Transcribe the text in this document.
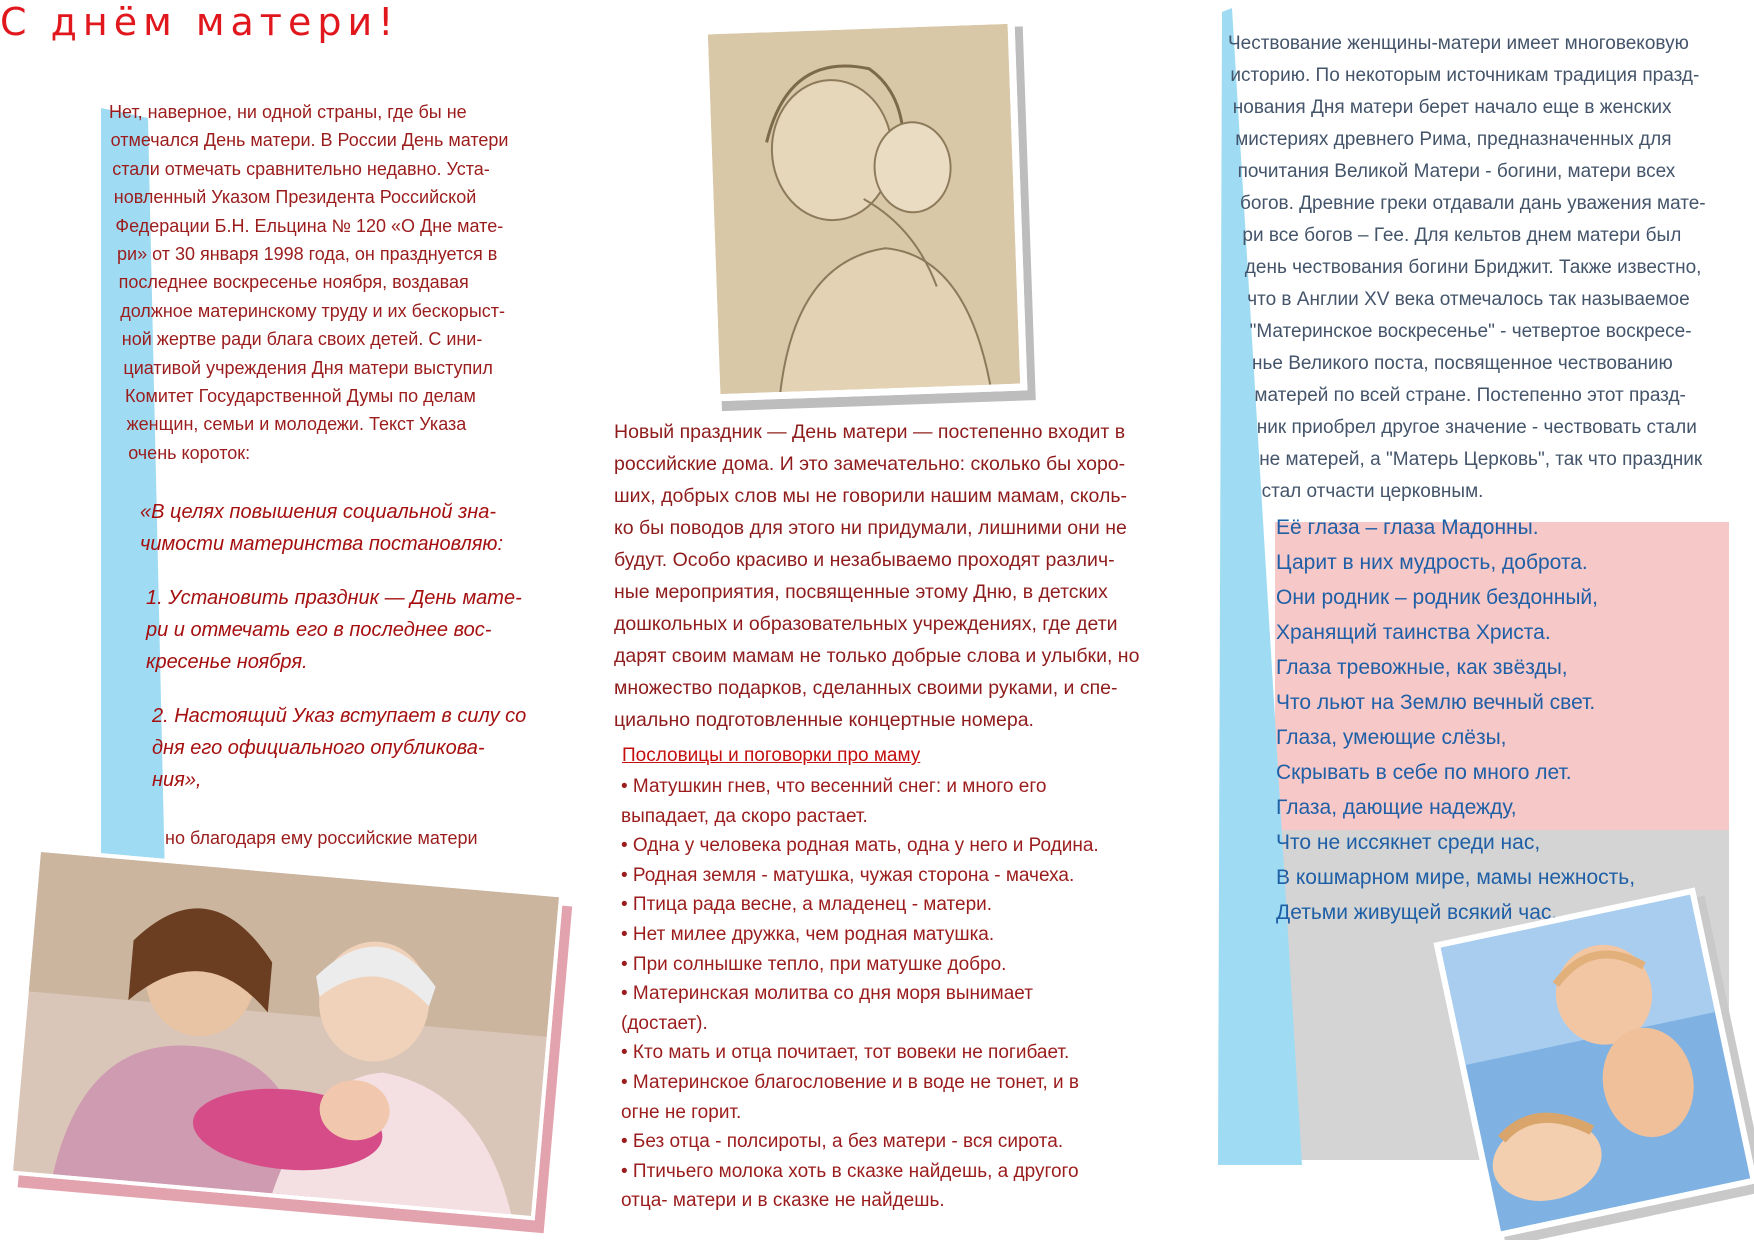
С днём матери!
Нет, наверное, ни одной страны, где бы не
отмечался День матери. В России День матери
стали отмечать сравнительно недавно. Уста-
новленный Указом Президента Российской
Федерации Б.Н. Ельцина № 120 «О Дне мате-
ри» от 30 января 1998 года, он празднуется в
последнее воскресенье ноября, воздавая
должное материнскому труду и их бескорыст-
ной жертве ради блага своих детей. С ини-
циативой учреждения Дня матери выступил
Комитет Государственной Думы по делам
женщин, семьи и молодежи. Текст Указа
очень короток:
«В целях повышения социальной зна-
чимости материнства постановляю:
1. Установить праздник — День мате-
ри и отмечать его в последнее вос-
кресенье ноября.
2. Настоящий Указ вступает в силу со
дня его официального опубликова-
ния»,
но благодаря ему российские матери
Новый праздник — День матери — постепенно входит в
российские дома. И это замечательно: сколько бы хоро-
ших, добрых слов мы не говорили нашим мамам, сколь-
ко бы поводов для этого ни придумали, лишними они не
будут. Особо красиво и незабываемо проходят различ-
ные мероприятия, посвященные этому Дню, в детских
дошкольных и образовательных учреждениях, где дети
дарят своим мамам не только добрые слова и улыбки, но
множество подарков, сделанных своими руками, и спе-
циально подготовленные концертные номера.
Пословицы и поговорки про маму
• Матушкин гнев, что весенний снег: и много его
выпадает, да скоро растает.
• Одна у человека родная мать, одна у него и Родина.
• Родная земля - матушка, чужая сторона - мачеха.
• Птица рада весне, а младенец - матери.
• Нет милее дружка, чем родная матушка.
• При солнышке тепло, при матушке добро.
• Материнская молитва со дня моря вынимает
(достает).
• Кто мать и отца почитает, тот вовеки не погибает.
• Материнское благословение и в воде не тонет, и в
огне не горит.
• Без отца - полсироты, а без матери - вся сирота.
• Птичьего молока хоть в сказке найдешь, а другого
отца- матери и в сказке не найдешь.
Чествование женщины-матери имеет многовековую
историю. По некоторым источникам традиция празд-
нования Дня матери берет начало еще в женских
мистериях древнего Рима, предназначенных для
почитания Великой Матери - богини, матери всех
богов. Древние греки отдавали дань уважения мате-
ри все богов – Гее. Для кельтов днем матери был
день чествования богини Бриджит. Также известно,
что в Англии XV века отмечалось так называемое
"Материнское воскресенье" - четвертое воскресе-
нье Великого поста, посвященное чествованию
матерей по всей стране. Постепенно этот празд-
ник приобрел другое значение - чествовать стали
не матерей, а "Матерь Церковь", так что праздник
стал отчасти церковным.
Её глаза – глаза Мадонны.
Царит в них мудрость, доброта.
Они родник – родник бездонный,
Хранящий таинства Христа.
Глаза тревожные, как звёзды,
Что льют на Землю вечный свет.
Глаза, умеющие слёзы,
Скрывать в себе по много лет.
Глаза, дающие надежду,
Что не иссякнет среди нас,
В кошмарном мире, мамы нежность,
Детьми живущей всякий час.
